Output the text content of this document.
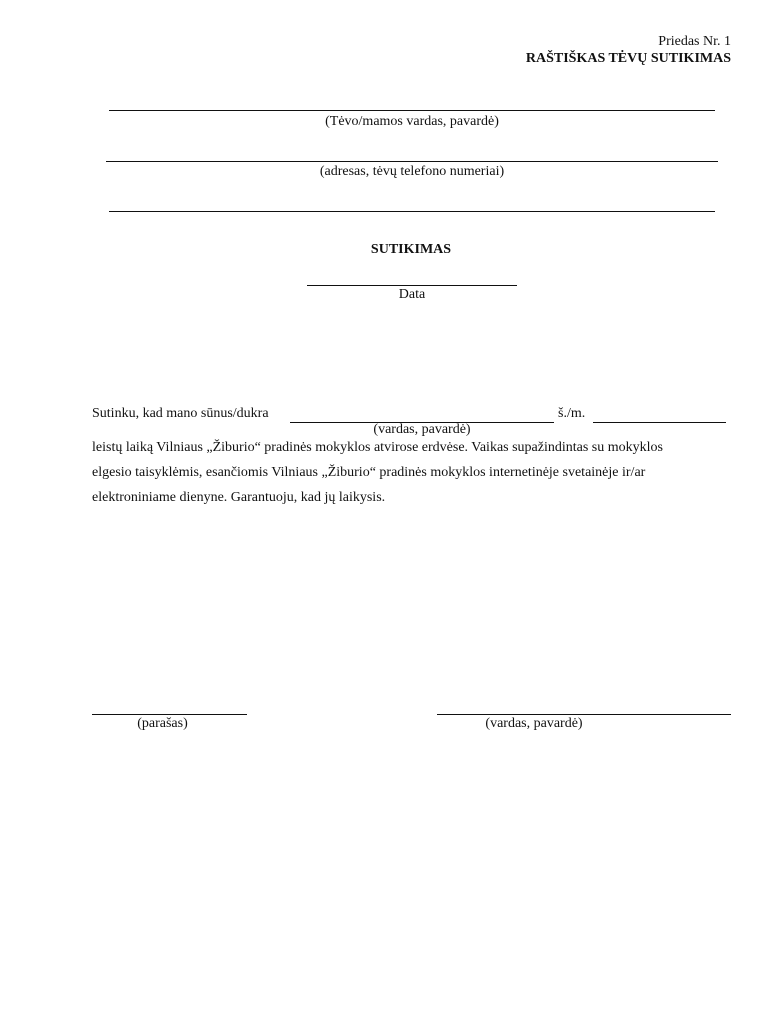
Priedas Nr. 1
RAŠTIŠKAS TĖVŲ SUTIKIMAS
(Tėvo/mamos vardas, pavardė)
(adresas, tėvų telefono numeriai)
SUTIKIMAS
Data
Sutinku, kad mano sūnus/dukra	š./m.
(vardas, pavardė)
leistų laiką Vilniaus „Žiburio“ pradinės mokyklos atvirose erdvėse. Vaikas supažindintas su mokyklos
elgesio taisyklėmis, esančiomis Vilniaus „Žiburio“ pradinės mokyklos internetinėje svetainėje ir/ar
elektroniniame dienyne. Garantuoju, kad jų laikysis.
(parašas)	(vardas, pavardė)
